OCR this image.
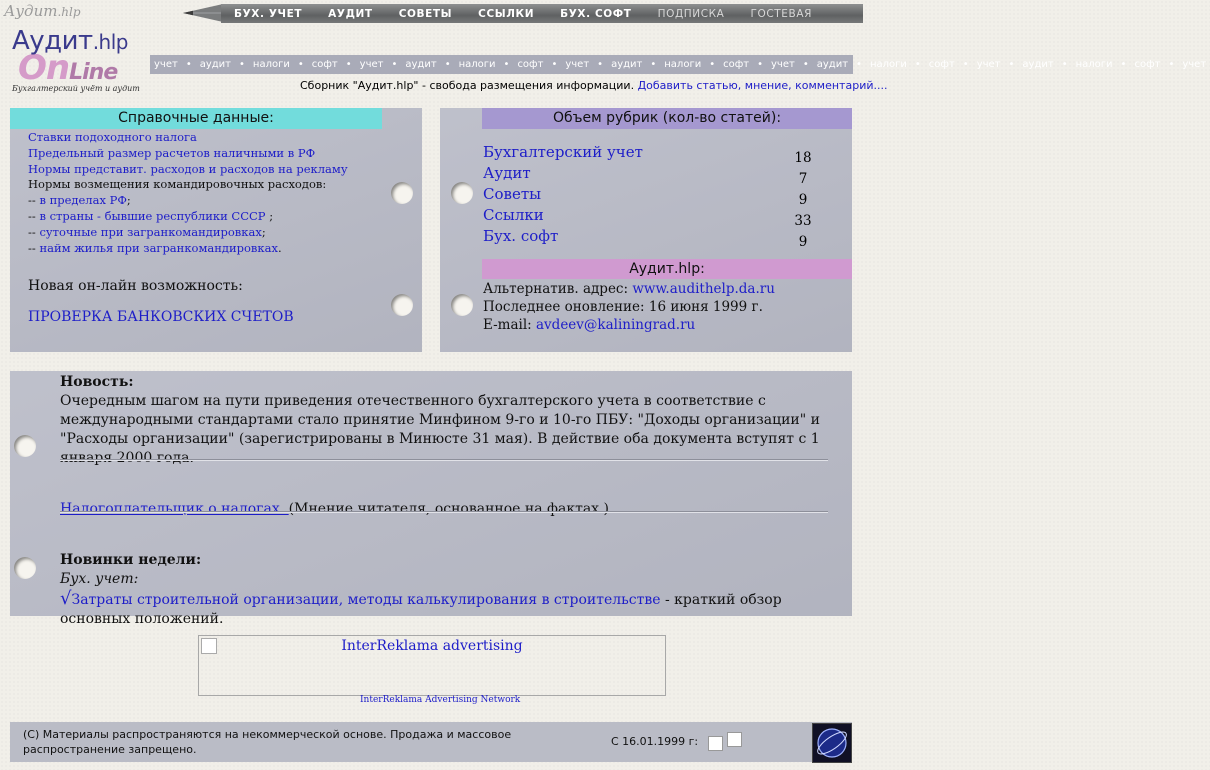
Аудит.hlp	БУХ. УЧЕТ	АУДИТ	СОВЕТЫ	ССЫЛКИ	БУХ. СОФТ	ПОДПИСКА	ГОСТЕВАЯ
OnLine
Аудит.hlp
Бухгалтерский учёт и аудит
учет • аудит • налоги • софт • учет • аудит • налоги • софт • учет • аудит • налоги • софт • учет • аудит • налоги • софт • учет • аудит • налоги • софт • учет
Сборник "Аудит.hlp" - свобода размещения информации. Добавить статью, мнение, комментарий....
Справочные данные:
Ставки подоходного налога
Предельный размер расчетов наличными в РФ
Нормы представит. расходов и расходов на рекламу
Нормы возмещения командировочных расходов:
-- в пределах РФ;
-- в страны - бывшие республики СССР ;
-- суточные при загранкомандировках;
-- найм жилья при загранкомандировках.
Новая он-лайн возможность:
ПРОВЕРКА БАНКОВСКИХ СЧЕТОВ
Объем рубрик (кол-во статей):
Бухгалтерский учет	18
Аудит	7
Советы	9
Ссылки	33
Бух. софт	9
Аудит.hlp:
Альтернатив. адрес: www.audithelp.da.ru
Последнее оновление: 16 июня 1999 г.
E-mail: avdeev@kaliningrad.ru
Новость:
Очередным шагом на пути приведения отечественного бухгалтерского учета в соответствие с международными стандартами стало принятие Минфином 9-го и 10-го ПБУ: "Доходы организации" и "Расходы организации" (зарегистрированы в Минюсте 31 мая). В действие оба документа вступят с 1 января 2000 года.
Налогоплательщик о налогах. (Мнение читателя, основанное на фактах.)
Новинки недели:
Бух. учет:
√Затраты строительной организации, методы калькулирования в строительстве - краткий обзор основных положений.
InterReklama advertising
InterReklama Advertising Network
(С) Материалы распространяются на некоммерческой основе. Продажа и массовое распространение запрещено.
С 16.01.1999 г:
